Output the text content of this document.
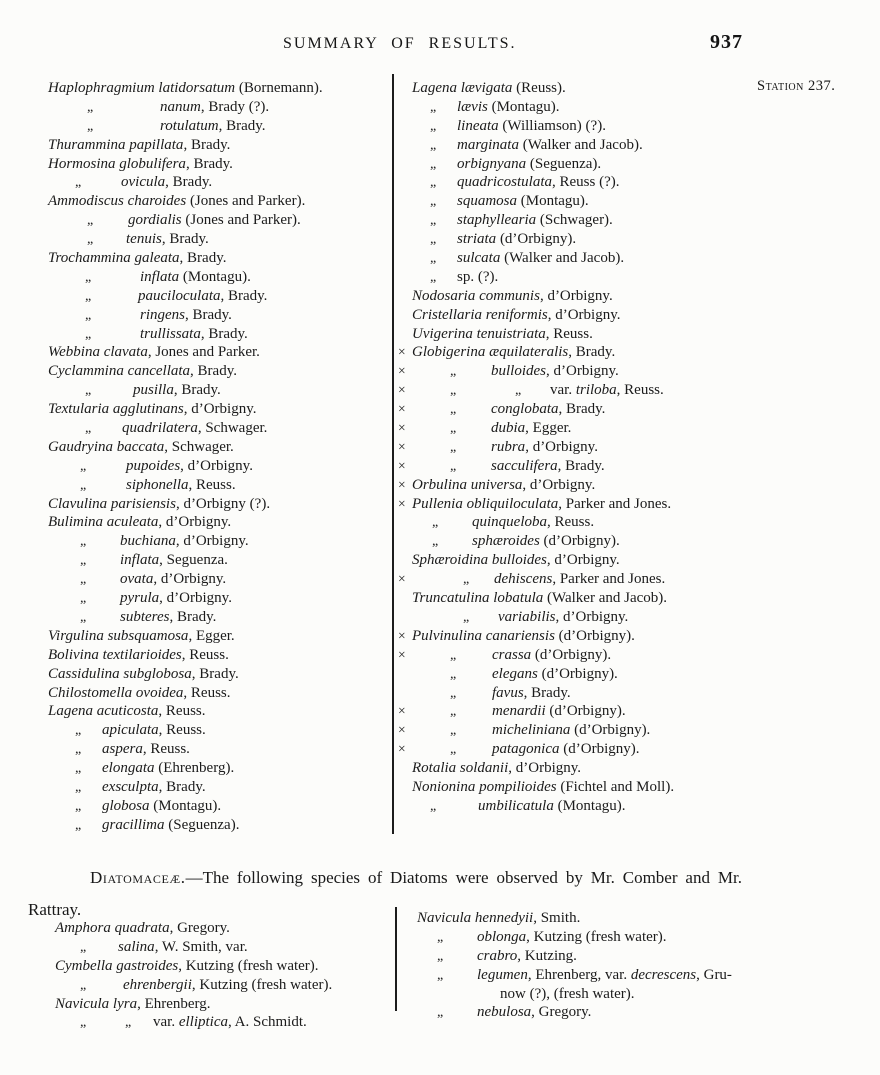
SUMMARY OF RESULTS.	937
Station 237.
Haplophragmium latidorsatum (Bornemann).
„	nanum, Brady (?).
„	rotulatum, Brady.
Thurammina papillata, Brady.
Hormosina globulifera, Brady.
„	ovicula, Brady.
Ammodiscus charoides (Jones and Parker).
„ gordialis (Jones and Parker).
„ tenuis, Brady.
Trochammina galeata, Brady.
„	inflata (Montagu).
„	pauciloculata, Brady.
„	ringens, Brady.
„	trullissata, Brady.
Webbina clavata, Jones and Parker.
Cyclammina cancellata, Brady.
„	pusilla, Brady.
Textularia agglutinans, d’Orbigny.
„ quadrilatera, Schwager.
Gaudryina baccata, Schwager.
„	pupoides, d’Orbigny.
„	siphonella, Reuss.
Clavulina parisiensis, d’Orbigny (?).
Bulimina aculeata, d’Orbigny.
„ buchiana, d’Orbigny.
„ inflata, Seguenza.
„ ovata, d’Orbigny.
„ pyrula, d’Orbigny.
„ subteres, Brady.
Virgulina subsquamosa, Egger.
Bolivina textilarioides, Reuss.
Cassidulina subglobosa, Brady.
Chilostomella ovoidea, Reuss.
Lagena acuticosta, Reuss.
„ apiculata, Reuss.
„ aspera, Reuss.
„ elongata (Ehrenberg).
„ exsculpta, Brady.
„ globosa (Montagu).
„ gracillima (Seguenza).
Lagena lævigata (Reuss).
„ lævis (Montagu).
„ lineata (Williamson) (?).
„ marginata (Walker and Jacob).
„ orbignyana (Seguenza).
„ quadricostulata, Reuss (?).
„ squamosa (Montagu).
„ staphyllearia (Schwager).
„ striata (d’Orbigny).
„ sulcata (Walker and Jacob).
„ sp. (?).
Nodosaria communis, d’Orbigny.
Cristellaria reniformis, d’Orbigny.
Uvigerina tenuistriata, Reuss.
× Globigerina æquilateralis, Brady.
×	„ bulloides, d’Orbigny.
×	„	„ var. triloba, Reuss.
×	„ conglobata, Brady.
×	„ dubia, Egger.
×	„ rubra, d’Orbigny.
×	„ sacculifera, Brady.
× Orbulina universa, d’Orbigny.
× Pullenia obliquiloculata, Parker and Jones.
„ quinqueloba, Reuss.
„ sphæroides (d’Orbigny).
Sphæroidina bulloides, d’Orbigny.
×	„ dehiscens, Parker and Jones.
Truncatulina lobatula (Walker and Jacob).
„ variabilis, d’Orbigny.
× Pulvinulina canariensis (d’Orbigny).
×	„ crassa (d’Orbigny).
„ elegans (d’Orbigny).
„ favus, Brady.
×	„ menardii (d’Orbigny).
×	„ micheliniana (d’Orbigny).
×	„ patagonica (d’Orbigny).
Rotalia soldanii, d’Orbigny.
Nonionina pompilioides (Fichtel and Moll).
„	umbilicatula (Montagu).

Diatomaceæ.—The following species of Diatoms were observed by Mr. Comber and Mr. Rattray.

Amphora quadrata, Gregory.
„ salina, W. Smith, var.
Cymbella gastroides, Kutzing (fresh water).
„	ehrenbergii, Kutzing (fresh water).
Navicula lyra, Ehrenberg.
„	„ var. elliptica, A. Schmidt.
Navicula hennedyii, Smith.
„ oblonga, Kutzing (fresh water).
„ crabro, Kutzing.
„ legumen, Ehrenberg, var. decrescens, Gru-
now (?), (fresh water).
„ nebulosa, Gregory.
